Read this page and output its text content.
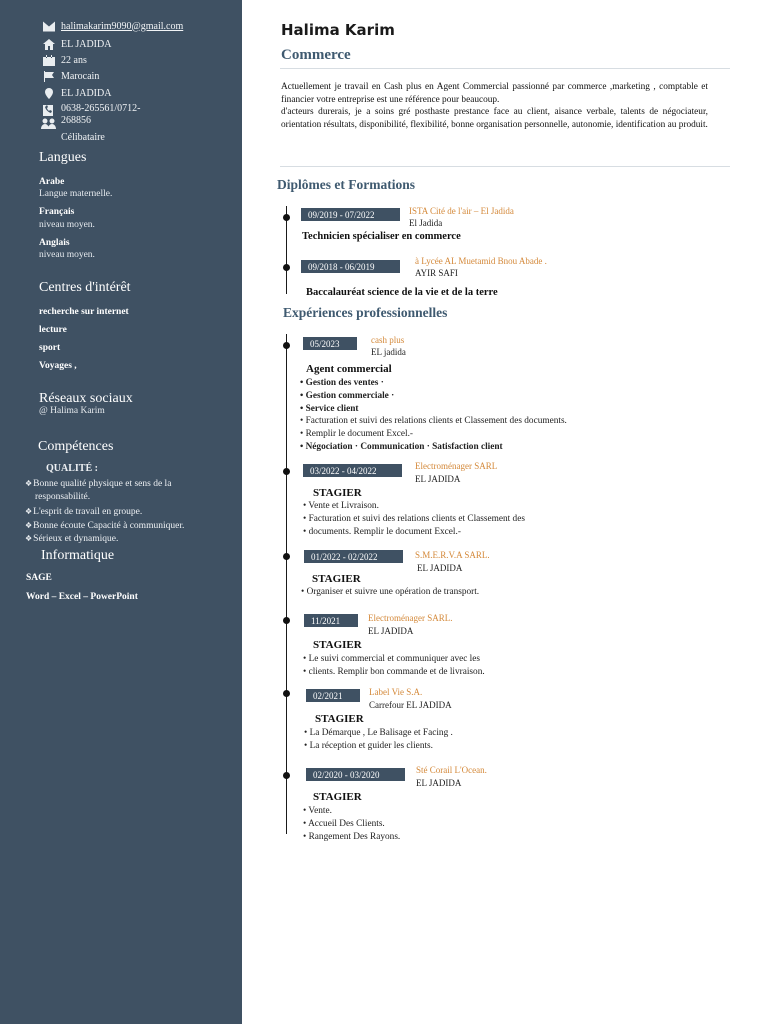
halimakarim9090@gmail.com
EL JADIDA
22 ans
Marocain
EL JADIDA
0638-265561/0712-
268856
Célibataire
Langues
Arabe
Langue maternelle.
Français
niveau moyen.
Anglais
niveau moyen.
Centres d'intérêt
recherche sur internet
lecture
sport
Voyages ,
Réseaux sociaux
@ Halima Karim
Compétences
QUALITÉ :
❖Bonne qualité physique et sens de la
responsabilité.
❖L'esprit de travail en groupe.
❖Bonne écoute Capacité à communiquer.
❖Sérieux et dynamique.
Informatique
SAGE
Word – Excel – PowerPoint
Halima Karim
Commerce
Actuellement je travail en Cash plus en Agent Commercial passionné par commerce ,marketing , comptable et financier votre entreprise est une référence pour beaucoup.
d'acteurs durerais, je a soins gré posthaste prestance face au client, aisance verbale, talents de négociateur, orientation résultats, disponibilité, flexibilité, bonne organisation personnelle, autonomie, identification au produit.
Diplômes et Formations
09/2019 - 07/2022	ISTA Cité de l'air – El Jadida
El Jadida
Technicien spécialiser en commerce
09/2018 - 06/2019
à Lycée AL Muetamid Bnou Abade .
AYIR SAFI
Baccalauréat science de la vie et de la terre
Expériences professionnelles
05/2023	cash plus
EL jadida
Agent commercial
• Gestion des ventes ·
• Gestion commerciale ·
• Service client
• Facturation et suivi des relations clients et Classement des documents.
• Remplir le document Excel.-
• Négociation · Communication · Satisfaction client
03/2022 - 04/2022	Electroménager SARL
EL JADIDA
STAGIER
• Vente et Livraison.
• Facturation et suivi des relations clients et Classement des
• documents. Remplir le document Excel.-
01/2022 - 02/2022	S.M.E.R.V.A SARL.
EL JADIDA
STAGIER
• Organiser et suivre une opération de transport.
11/2021	Electroménager SARL.
EL JADIDA
STAGIER
• Le suivi commercial et communiquer avec les
• clients. Remplir bon commande et de livraison.
02/2021	Label Vie S.A.
Carrefour EL JADIDA
STAGIER
• La Démarque , Le Balisage et Facing .
• La réception et guider les clients.
02/2020 - 03/2020	Sté Corail L'Ocean.
EL JADIDA
STAGIER
• Vente.
• Accueil Des Clients.
• Rangement Des Rayons.
